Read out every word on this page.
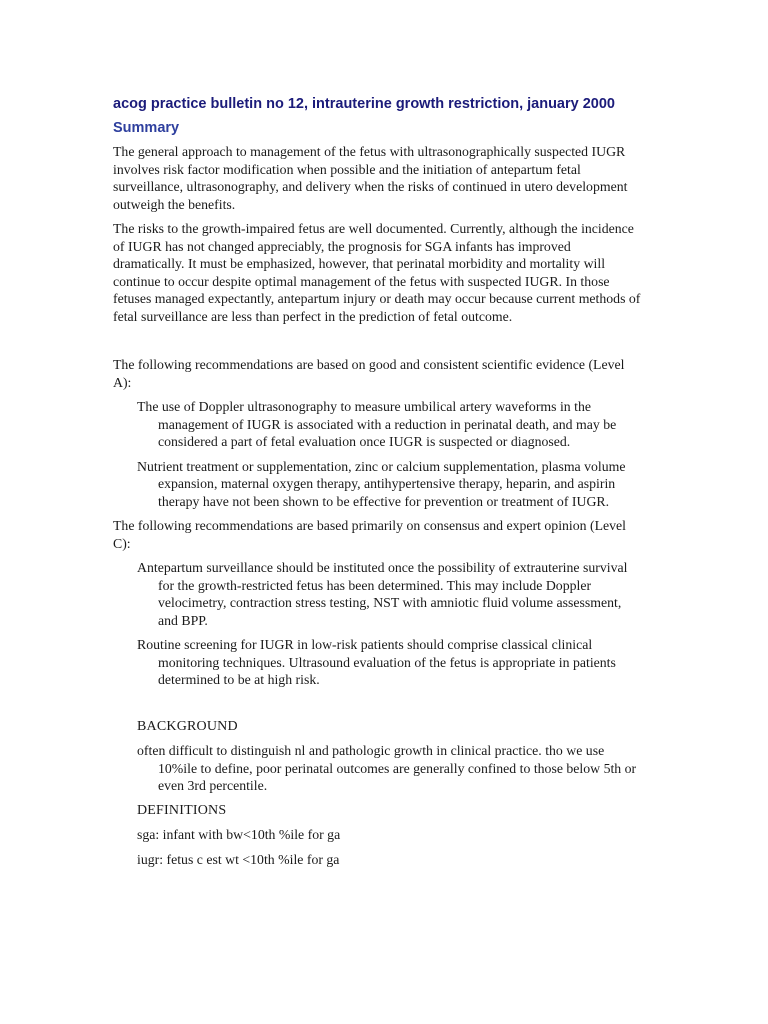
acog practice bulletin no 12, intrauterine growth restriction, january 2000
Summary

The general approach to management of the fetus with ultrasonographically suspected IUGR involves risk factor modification when possible and the initiation of antepartum fetal surveillance, ultrasonography, and delivery when the risks of continued in utero development outweigh the benefits.

The risks to the growth-impaired fetus are well documented. Currently, although the incidence of IUGR has not changed appreciably, the prognosis for SGA infants has improved dramatically. It must be emphasized, however, that perinatal morbidity and mortality will continue to occur despite optimal management of the fetus with suspected IUGR. In those fetuses managed expectantly, antepartum injury or death may occur because current methods of fetal surveillance are less than perfect in the prediction of fetal outcome.

The following recommendations are based on good and consistent scientific evidence (Level A):

The use of Doppler ultrasonography to measure umbilical artery waveforms in the management of IUGR is associated with a reduction in perinatal death, and may be considered a part of fetal evaluation once IUGR is suspected or diagnosed.

Nutrient treatment or supplementation, zinc or calcium supplementation, plasma volume expansion, maternal oxygen therapy, antihypertensive therapy, heparin, and aspirin therapy have not been shown to be effective for prevention or treatment of IUGR.

The following recommendations are based primarily on consensus and expert opinion (Level C):

Antepartum surveillance should be instituted once the possibility of extrauterine survival for the growth-restricted fetus has been determined. This may include Doppler velocimetry, contraction stress testing, NST with amniotic fluid volume assessment, and BPP.

Routine screening for IUGR in low-risk patients should comprise classical clinical monitoring techniques. Ultrasound evaluation of the fetus is appropriate in patients determined to be at high risk.

BACKGROUND

often difficult to distinguish nl and pathologic growth in clinical practice. tho we use 10%ile to define, poor perinatal outcomes are generally confined to those below 5th or even 3rd percentile.

DEFINITIONS

sga: infant with bw<10th %ile for ga

iugr: fetus c est wt <10th %ile for ga
